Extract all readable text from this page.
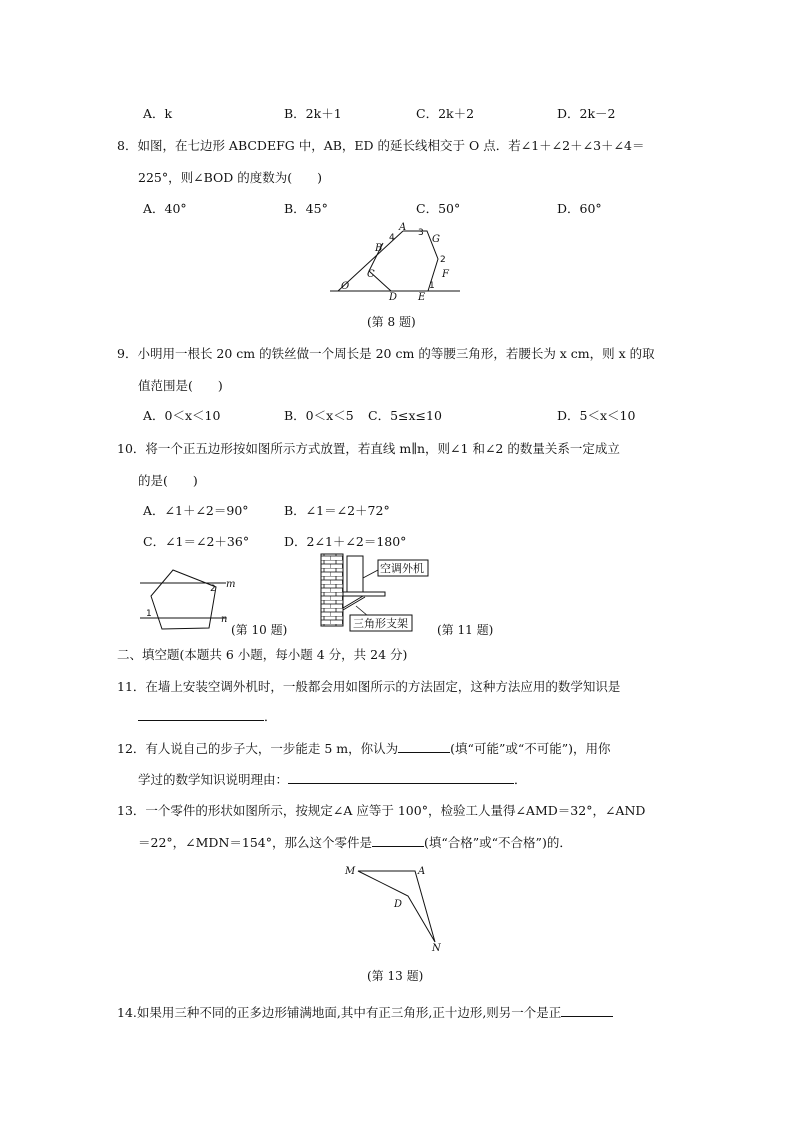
A．k	B．2k＋1	C．2k＋2	D．2k－2
8．如图，在七边形 ABCDEFG 中，AB，ED 的延长线相交于 O 点．若∠1＋∠2＋∠3＋∠4＝
225°，则∠BOD 的度数为(　　)
A．40°	B．45°	C．50°	D．60°
A
B
C
D E
F
G
O	1
2
3
4
(第 8 题)
9．小明用一根长 20 cm 的铁丝做一个周长是 20 cm 的等腰三角形，若腰长为 x cm，则 x 的取
值范围是(　　)
A．0＜x＜10	B．0＜x＜5 C．5≤x≤10	D．5＜x＜10
10．将一个正五边形按如图所示方式放置，若直线 m∥n，则∠1 和∠2 的数量关系一定成立
的是(　　)
A．∠1＋∠2＝90°	B．∠1＝∠2＋72°
C．∠1＝∠2＋36°	D．2∠1＋∠2＝180°
m
n
1
2
(第 10 题)
空调外机
三角形支架 (第 11 题)
二、填空题(本题共 6 小题，每小题 4 分，共 24 分)
11．在墙上安装空调外机时，一般都会用如图所示的方法固定，这种方法应用的数学知识是
．
12．有人说自己的步子大，一步能走 5 m，你认为	(填“可能”或“不可能”)，用你
学过的数学知识说明理由：	．
13．一个零件的形状如图所示，按规定∠A 应等于 100°，检验工人量得∠AMD＝32°，∠AND
＝22°，∠MDN＝154°，那么这个零件是	(填“合格”或“不合格”)的．
M	A
D
N
(第 13 题)
14.如果用三种不同的正多边形铺满地面,其中有正三角形,正十边形,则另一个是正
